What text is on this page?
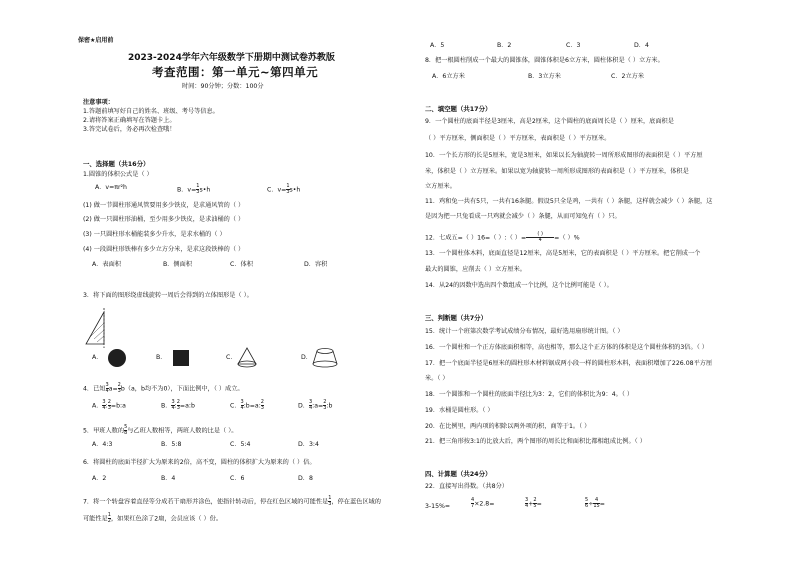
保密★启用前
2023-2024学年六年级数学下册期中测试卷苏教版
考查范围：第一单元~第四单元
时间：90分钟；分数：100分
注意事项：
1.答题前填写好自己的姓名、班级、考号等信息。
2.请将答案正确填写在答题卡上。
3.答完试卷后，务必再次检查哦！
一、选择题（共16分）
1.圆锥的体积公式是（ ）
A．v=πr²h	B．$v= \frac{1}{3}$ s•h	C．$v= \frac{1}{3}$ s•h
(1) 做一节圆柱形通风管要用多少铁皮，是求通风管的（ ）
(2) 做一只圆柱形油桶，至少用多少铁皮，是求油桶的（ ）
(3) 一只圆柱形水桶能装多少升水，是求水桶的（ ）
(4) 一段圆柱形铁棒有多少立方分米，是求这段铁棒的（ ）
A．表面积	B．侧面积	C．体积	D．容积
3．将下面的图形绕虚线旋转一周后会得到的立体图形是（ ）。
A．	B．	C．	D．
4．已知 $\frac{3}{4} a= \frac{2}{3} b(a$，b均不为0），下面比例中，（ ）成立。
A． $\frac{3}{4}$ : $\frac{2}{3}$ =b:a	B． $\frac{3}{4}$ : $\frac{2}{3}$ =a:b	C． $\frac{3}{4}$ :b=a: $\frac{2}{3}$	D． $\frac{3}{4}$ :a= $\frac{2}{3}$ :b
5．甲班人数的 $\frac{5}{8}$ 与乙班人数相等，两班人数的比是（ ）。
A．4:3	B．5:8	C．5:4	D．3:4
6．将圆柱的底面半径扩大为原来的2倍，高不变，圆柱的体积扩大为原来的（ ）倍。
A．2	B．4	C．6	D．8
7．将一个转盘容着直径等分成若干扇形并涂色，使指针转动后，停在红色区域的可能性是 $\frac{1}{3}$ ，停在蓝色区域的
可能性是 $\frac{1}{2}$ ，如果红色涂了2扇，会员应该（ ）份。
A．5	B．2	C．3	D．4
8．把一根圆柱削成一个最大的圆锥体，圆锥体积是6立方米，圆柱体积是（ ）立方米。
A．6立方米	B．3立方米	C．2立方米
二、填空题（共17分）
9．一个圆柱的底面半径是3厘米，高是2厘米，这个圆柱的底面周长是（ ）厘米，底面积是
（ ）平方厘米，侧面积是（ ）平方厘米，表面积是（ ）平方厘米。
10．一个长方形的长是5厘米，宽是3厘米，如果以长为轴旋转一周所形成图形的表面积是（ ）平方厘
米，体积是（ ）立方厘米。如果以宽为轴旋转一周所形成图形的表面积是（ ）平方厘米，体积是
立方厘米。
11．鸡和兔一共有5只，一共有16条腿。假设5只全是鸡，一共有（ ）条腿，这样就会减少（ ）条腿，这
是因为把一只兔看成一只鸡就会减少（ ）条腿，从而可知兔有（ ）只。
12．七成五=（ ）16=（ ）:（ ）= $\frac{( )}{4}$ =（ ）%
13．一个圆柱体木料，底面直径是12厘米，高是5厘米，它的表面积是（ ）平方厘米。把它削成一个
最大的圆锥，应削去（ ）立方厘米。
14．从24的因数中选出四个数组成一个比例，这个比例可能是（ ）。
三、判断题（共7分）
15．统计一个班第次数学考试成绩分布情况，最好选用扇形统计图。（ ）
16．一个圆柱和一个正方体底面积相等，高也相等，那么这个正方体的体积是这个圆柱体积的3倍。（ ）
17．把一个底面半径是6厘米的圆柱形木材料锯成两小段一样的圆柱形木料，表面积增加了226.08平方厘
米。（ ）
18．一个圆锥和一个圆柱的底面半径比为3：2，它们的体积比为9：4。（ ）
19．水桶是圆柱形。（ ）
20．在比例里，两内项的积除以两外项的积，商等于1。（ ）
21．把三角形按3:1的比放大后，两个图形的周长比和面积比都相组成比例。（ ）
四、计算题（共24分）
22．直接写出得数。（共8分）
3-15%=	$\frac{4}{7} \times 2.8=$	$\frac{3}{4} + \frac{2}{5}$ =	$\frac{5}{6} \div \frac{4}{15}$ =
